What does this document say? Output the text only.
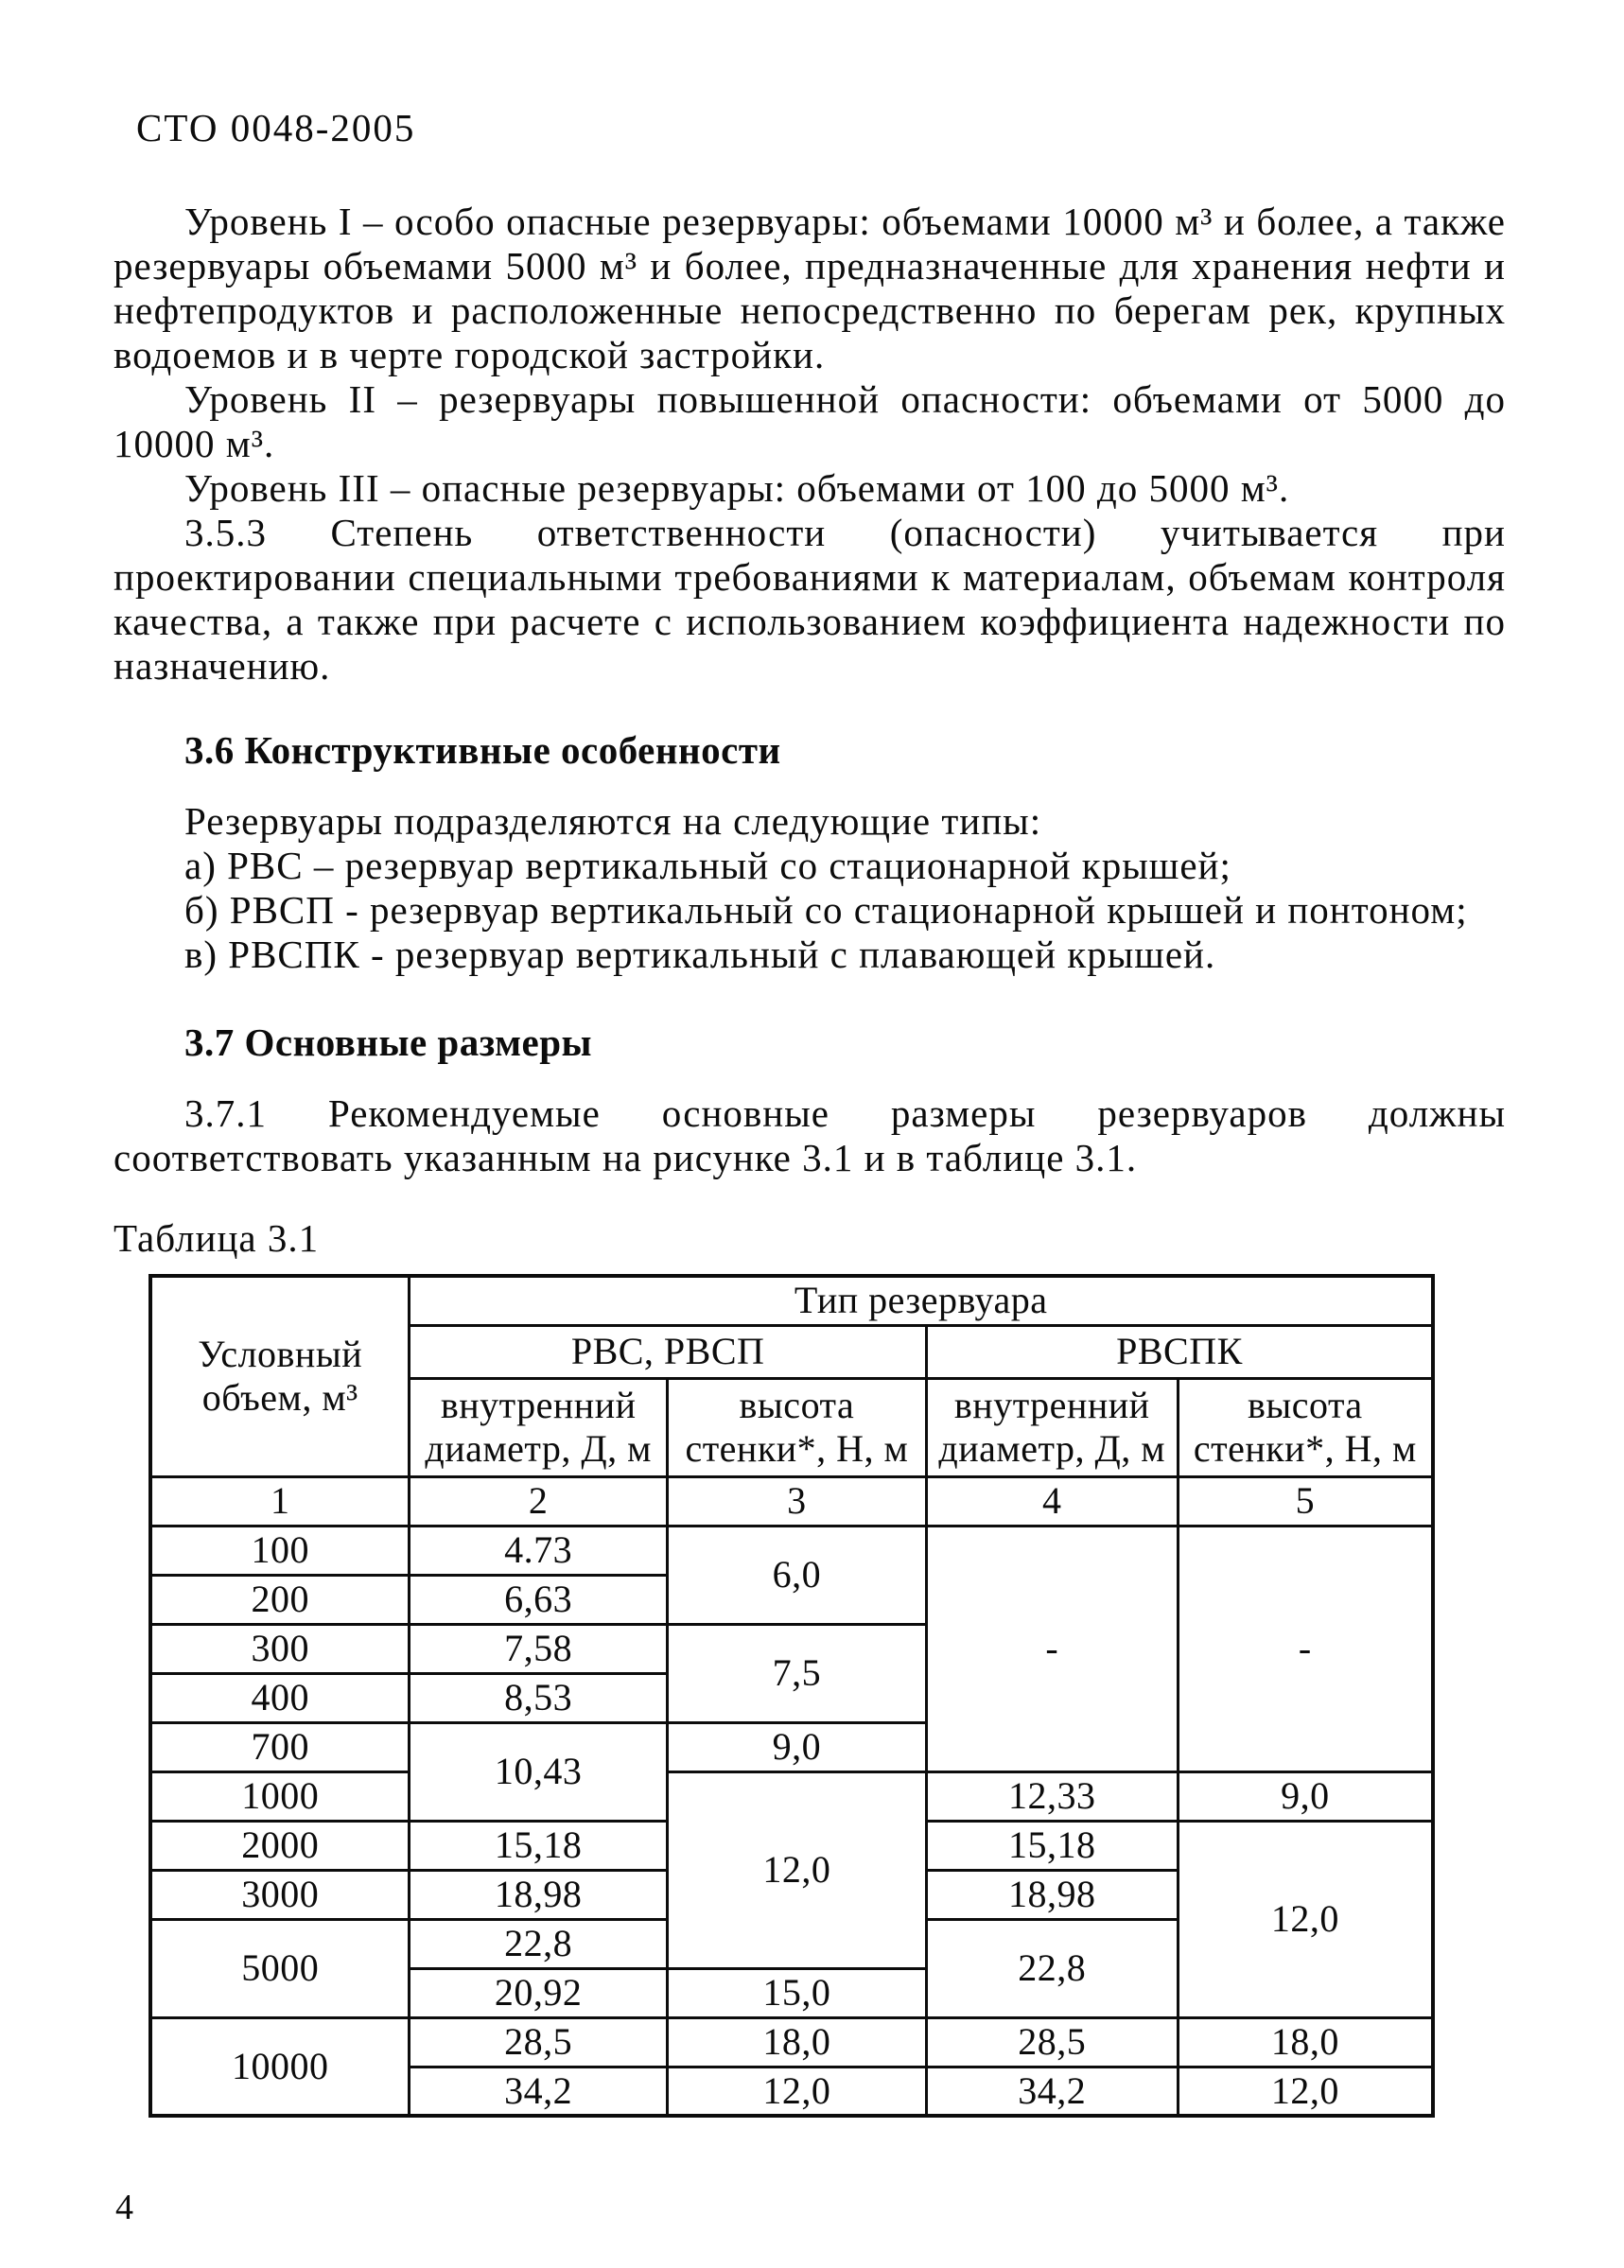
СТО 0048-2005

Уровень I – особо опасные резервуары: объемами 10000 м³ и более, а также резервуары объемами 5000 м³ и более, предназначенные для хранения нефти и нефтепродуктов и расположенные непосредственно по берегам рек, крупных водоемов и в черте городской застройки.

Уровень II – резервуары повышенной опасности: объемами от 5000 до 10000 м³.

Уровень III – опасные резервуары: объемами от 100 до 5000 м³.

3.5.3 Степень ответственности (опасности) учитывается при проектировании специальными требованиями к материалам, объемам контроля качества, а также при расчете с использованием коэффициента надежности по назначению.

3.6 Конструктивные особенности

Резервуары подразделяются на следующие типы:

а) РВС – резервуар вертикальный со стационарной крышей;

б) РВСП - резервуар вертикальный со стационарной крышей и понтоном;

в) РВСПК - резервуар вертикальный с плавающей крышей.

3.7 Основные размеры

3.7.1 Рекомендуемые основные размеры резервуаров должны соответствовать указанным на рисунке 3.1 и в таблице 3.1.

Таблица 3.1
Условный объем, м³	Тип резервуара			
	РВС, РВСП		РВСПК	
	внутренний диаметр, Д, м	высота стенки*, Н, м	внутренний диаметр, Д, м	высота стенки*, Н, м
1	2	3	4	5
100	4.73	6,0	-	-
200	6,63			
300	7,58	7,5		
400	8,53			
700	10,43	9,0		
1000		12,0	12,33	9,0
2000	15,18		15,18	12,0
3000	18,98		18,98	
5000	22,8		22,8	
	20,92	15,0		
10000	28,5	18,0	28,5	18,0
	34,2	12,0	34,2	12,0
4
